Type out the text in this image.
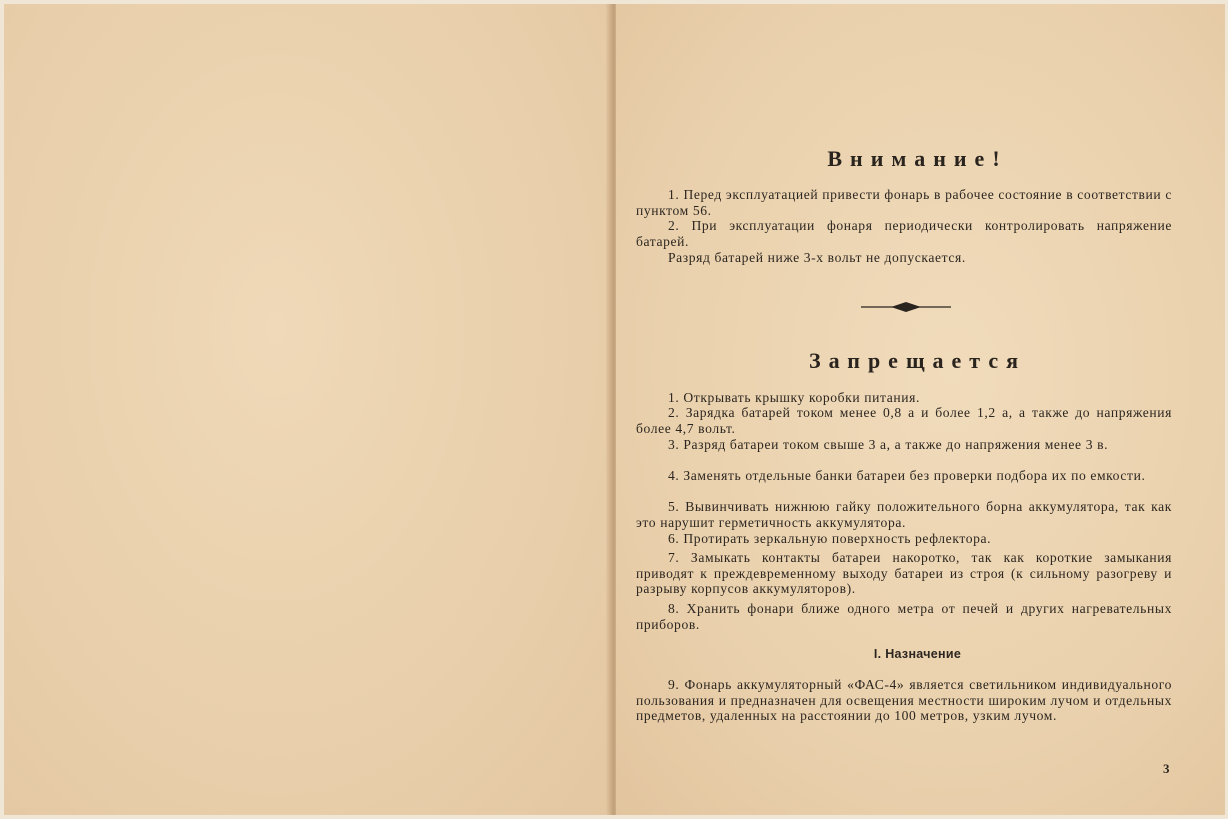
Внимание!
1. Перед эксплуатацией привести фонарь в рабочее состояние в соответствии с пунктом 56.
2. При эксплуатации фонаря периодически контролировать напряжение батарей.
Разряд батарей ниже 3-х вольт не допускается.
Запрещается
1. Открывать крышку коробки питания.
2. Зарядка батарей током менее 0,8 а и более 1,2 а, а также до напряжения более 4,7 вольт.
3. Разряд батареи током свыше 3 а, а также до напряжения менее 3 в.
4. Заменять отдельные банки батареи без проверки подбора их по емкости.
5. Вывинчивать нижнюю гайку положительного борна аккумулятора, так как это нарушит герметичность аккумулятора.
6. Протирать зеркальную поверхность рефлектора.
7. Замыкать контакты батареи накоротко, так как короткие замыкания приводят к преждевременному выходу батареи из строя (к сильному разогреву и разрыву корпусов аккумуляторов).
8. Хранить фонари ближе одного метра от печей и других нагревательных приборов.
I. Назначение
9. Фонарь аккумуляторный «ФАС-4» является светильником индивидуального пользования и предназначен для освещения местности широким лучом и отдельных предметов, удаленных на расстоянии до 100 метров, узким лучом.
3
